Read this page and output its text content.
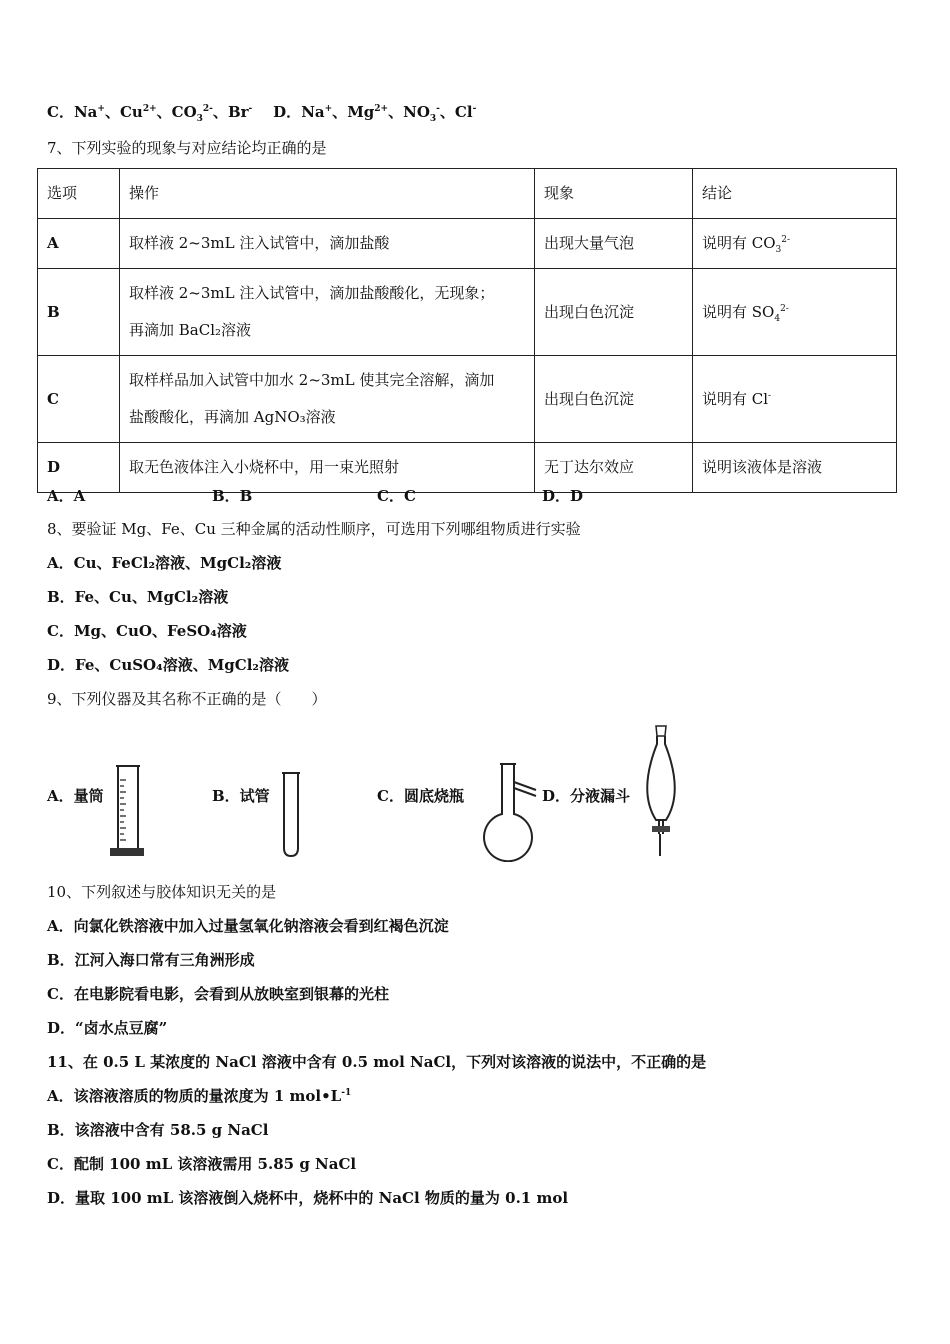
C．Na+、$Cu^{2+}$、$CO_3^{2-}$、Br- D．Na+、$Mg^{2+}$、$NO_3^-$、Cl-
7、下列实验的现象与对应结论均正确的是
选项	操作	现象	结论
A	取样液 2~3mL 注入试管中，滴加盐酸	出现大量气泡	说明有 $CO_3^{2-}$
B	取样液 2~3mL 注入试管中，滴加盐酸酸化，无现象；
再滴加 BaCl₂溶液	出现白色沉淀	说明有 $SO_4^{2-}$
C	取样样品加入试管中加水 2~3mL 使其完全溶解，滴加
盐酸酸化，再滴加 AgNO₃溶液	出现白色沉淀	说明有 Cl-
D	取无色液体注入小烧杯中，用一束光照射	无丁达尔效应	说明该液体是溶液
A．A	B．B	C．C	D．D
8、要验证 Mg、Fe、Cu 三种金属的活动性顺序，可选用下列哪组物质进行实验
A．Cu、FeCl₂溶液、MgCl₂溶液
B．Fe、Cu、MgCl₂溶液
C．Mg、CuO、FeSO₄溶液
D．Fe、CuSO₄溶液、MgCl₂溶液
9、下列仪器及其名称不正确的是（　　）
A．量筒	B．试管	C．圆底烧瓶	D．分液漏斗
10、下列叙述与胶体知识无关的是
A．向氯化铁溶液中加入过量氢氧化钠溶液会看到红褐色沉淀
B．江河入海口常有三角洲形成
C．在电影院看电影，会看到从放映室到银幕的光柱
D．“卤水点豆腐”
11、在 0.5 L 某浓度的 NaCl 溶液中含有 0.5 mol NaCl，下列对该溶液的说法中，不正确的是
A．该溶液溶质的物质的量浓度为 1 $mol•L^{-1}$
B．该溶液中含有 58.5 g NaCl
C．配制 100 mL 该溶液需用 5.85 g NaCl
D．量取 100 mL 该溶液倒入烧杯中，烧杯中的 NaCl 物质的量为 0.1 mol
